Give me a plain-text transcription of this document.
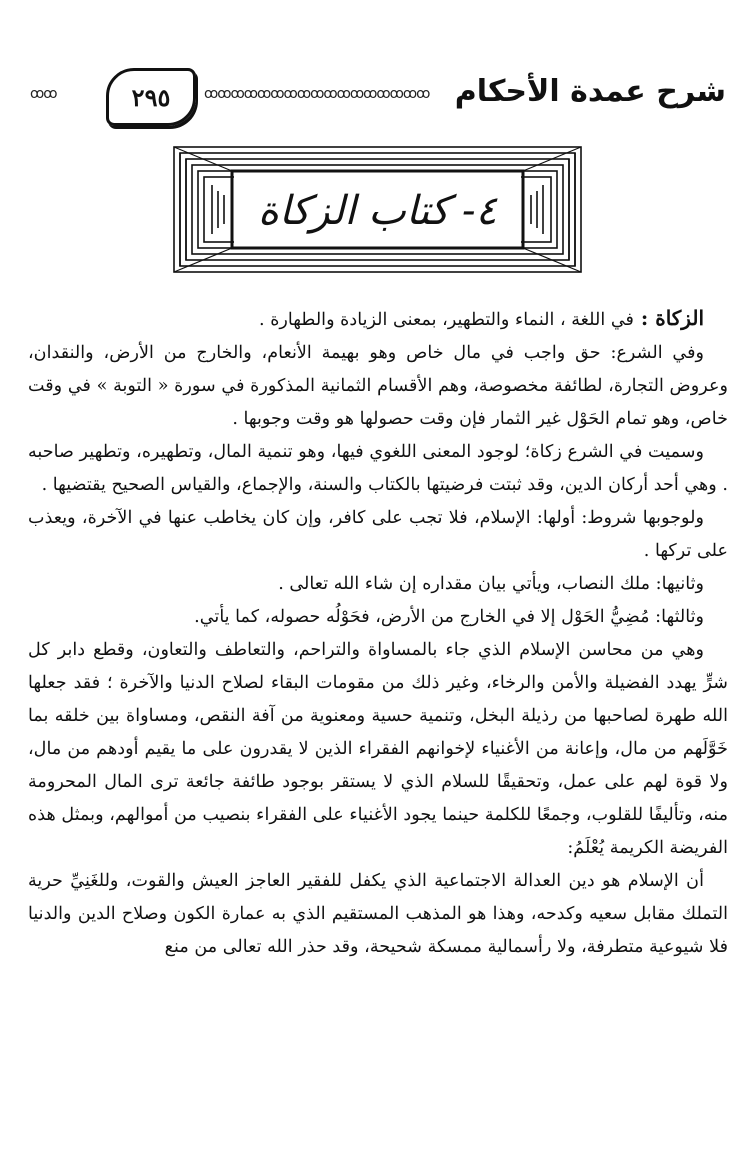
شرح عمدة الأحكام
ꝏꝏꝏꝏꝏꝏꝏꝏꝏꝏꝏꝏꝏꝏꝏꝏꝏ
٢٩٥
ꝏꝏ
٤- كتاب الزكاة

الزكاة : في اللغة ، النماء والتطهير، بمعنى الزيادة والطهارة .

وفي الشرع: حق واجب في مال خاص وهو بهيمة الأنعام، والخارج من الأرض، والنقدان، وعروض التجارة، لطائفة مخصوصة، وهم الأقسام الثمانية المذكورة في سورة « التوبة » في وقت خاص، وهو تمام الحَوْل غير الثمار فإن وقت حصولها هو وقت وجوبها .

وسميت في الشرع زكاة؛ لوجود المعنى اللغوي فيها، وهو تنمية المال، وتطهيره، وتطهير صاحبه . وهي أحد أركان الدين، وقد ثبتت فرضيتها بالكتاب والسنة، والإجماع، والقياس الصحيح يقتضيها .

ولوجوبها شروط: أولها: الإسلام، فلا تجب على كافر، وإن كان يخاطب عنها في الآخرة، ويعذب على تركها .

وثانيها: ملك النصاب، ويأتي بيان مقداره إن شاء الله تعالى .

وثالثها: مُضِيُّ الحَوْل إلا في الخارج من الأرض، فحَوْلُه حصوله، كما يأتي.

وهي من محاسن الإسلام الذي جاء بالمساواة والتراحم، والتعاطف والتعاون، وقطع دابر كل شرٍّ يهدد الفضيلة والأمن والرخاء، وغير ذلك من مقومات البقاء لصلاح الدنيا والآخرة ؛ فقد جعلها الله طهرة لصاحبها من رذيلة البخل، وتنمية حسية ومعنوية من آفة النقص، ومساواة بين خلقه بما خَوَّلَهم من مال، وإعانة من الأغنياء لإخوانهم الفقراء الذين لا يقدرون على ما يقيم أودهم من مال، ولا قوة لهم على عمل، وتحقيقًا للسلام الذي لا يستقر بوجود طائفة جائعة ترى المال المحرومة منه، وتأليفًا للقلوب، وجمعًا للكلمة حينما يجود الأغنياء على الفقراء بنصيب من أموالهم، وبمثل هذه الفريضة الكريمة يُعْلَمُ:

أن الإسلام هو دين العدالة الاجتماعية الذي يكفل للفقير العاجز العيش والقوت، وللغَنِيِّ حرية التملك مقابل سعيه وكدحه، وهذا هو المذهب المستقيم الذي به عمارة الكون وصلاح الدين والدنيا فلا شيوعية متطرفة، ولا رأسمالية ممسكة شحيحة، وقد حذر الله تعالى من منع
